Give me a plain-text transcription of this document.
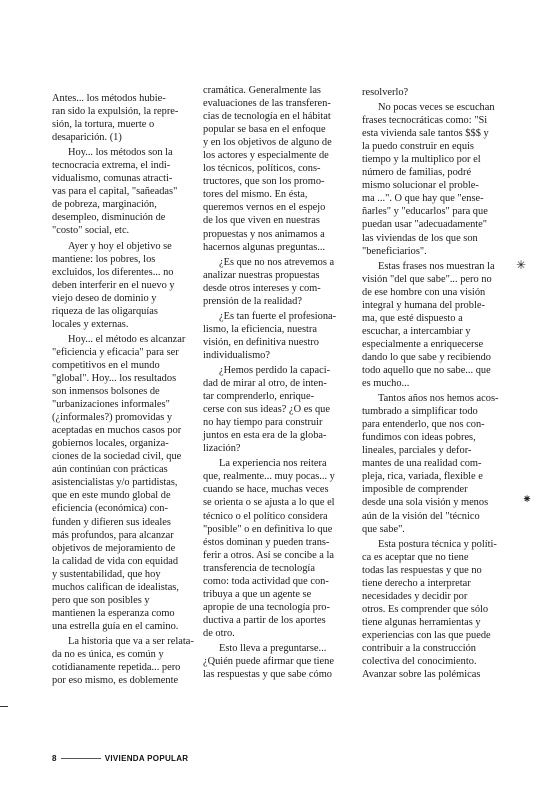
Antes... los métodos hubie-
ran sido la expulsión, la repre-
sión, la tortura, muerte o
desaparición. (1)

Hoy... los métodos son la
tecnocracia extrema, el indi-
vidualismo, comunas atracti-
vas para el capital, "sañeadas"
de pobreza, marginación,
desempleo, disminución de
"costo" social, etc.

Ayer y hoy el objetivo se
mantiene: los pobres, los
excluidos, los diferentes... no
deben interferir en el nuevo y
viejo deseo de dominio y
riqueza de las oligarquías
locales y externas.

Hoy... el método es alcanzar
"eficiencia y eficacia" para ser
competitivos en el mundo
"global". Hoy... los resultados
son inmensos bolsones de
"urbanizaciones informales"
(¿informales?) promovidas y
aceptadas en muchos casos por
gobiernos locales, organiza-
ciones de la sociedad civil, que
aún continúan con prácticas
asistencialistas y/o partidistas,
que en este mundo global de
eficiencia (económica) con-
funden y difieren sus ideales
más profundos, para alcanzar
objetivos de mejoramiento de
la calidad de vida con equidad
y sustentabilidad, que hoy
muchos califican de idealistas,
pero que son posibles y
mantienen la esperanza como
una estrella guía en el camino.

La historia que va a ser relata-
da no es única, es común y
cotidianamente repetida... pero
por eso mismo, es doblemente

cramática. Generalmente las
evaluaciones de las transferen-
cias de tecnología en el hábitat
popular se basa en el enfoque
y en los objetivos de alguno de
los actores y especialmente de
los técnicos, políticos, cons-
tructores, que son los promo-
tores del mismo. En ésta,
queremos vernos en el espejo
de los que viven en nuestras
propuestas y nos animamos a
hacernos algunas preguntas...

¿Es que no nos atrevemos a
analizar nuestras propuestas
desde otros intereses y com-
prensión de la realidad?

¿Es tan fuerte el profesiona-
lismo, la eficiencia, nuestra
visión, en definitiva nuestro
individualismo?

¿Hemos perdido la capaci-
dad de mirar al otro, de inten-
tar comprenderlo, enrique-
cerse con sus ideas? ¿O es que
no hay tiempo para construir
juntos en esta era de la globa-
lización?

La experiencia nos reitera
que, realmente... muy pocas... y
cuando se hace, muchas veces
se orienta o se ajusta a lo que el
técnico o el político considera
"posible" o en definitiva lo que
éstos dominan y pueden trans-
ferir a otros. Así se concibe a la
transferencia de tecnología
como: toda actividad que con-
tribuya a que un agente se
apropie de una tecnología pro-
ductiva a partir de los aportes
de otro.

Esto lleva a preguntarse...
¿Quién puede afirmar que tiene
las respuestas y que sabe cómo

resolverlo?

No pocas veces se escuchan
frases tecnocráticas como: "Si
esta vivienda sale tantos $$$ y
la puedo construir en equis
tiempo y la multiplico por el
número de familias, podré
mismo solucionar el proble-
ma ...". O que hay que "ense-
ñarles" y "educarlos" para que
puedan usar "adecuadamente"
las viviendas de los que son
"beneficiarios".

Estas frases nos muestran la
visión "del que sabe"... pero no
de ese hombre con una visión
integral y humana del proble-
ma, que esté dispuesto a
escuchar, a intercambiar y
especialmente a enriquecerse
dando lo que sabe y recibiendo
todo aquello que no sabe... que
es mucho...

Tantos años nos hemos acos-
tumbrado a simplificar todo
para entenderlo, que nos con-
fundimos con ideas pobres,
lineales, parciales y defor-
mantes de una realidad com-
pleja, rica, variada, flexible e
imposible de comprender
desde una sola visión y menos
aún de la visión del "técnico
que sabe".

Esta postura técnica y políti-
ca es aceptar que no tiene
todas las respuestas y que no
tiene derecho a interpretar
necesidades y decidir por
otros. Es comprender que sólo
tiene algunas herramientas y
experiencias con las que puede
contribuir a la construcción
colectiva del conocimiento.
Avanzar sobre las polémicas

✳
⁕
8	VIVIENDA POPULAR
